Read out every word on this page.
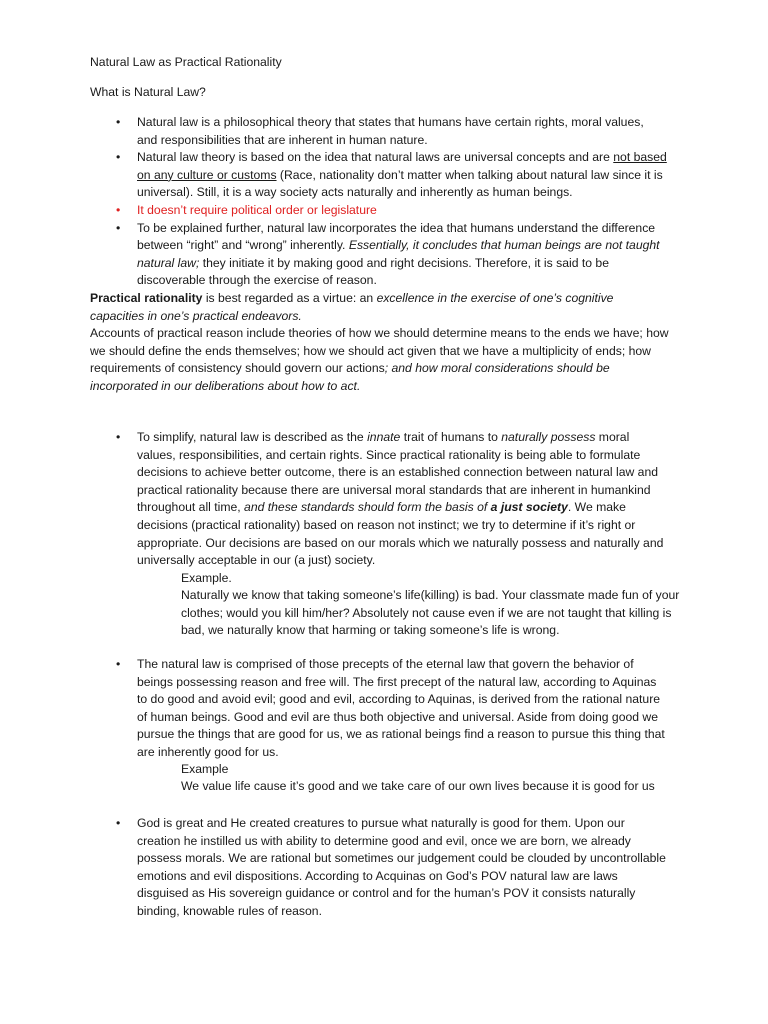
Natural Law as Practical Rationality
What is Natural Law?
• Natural law is a philosophical theory that states that humans have certain rights, moral values, and responsibilities that are inherent in human nature.
• Natural law theory is based on the idea that natural laws are universal concepts and are not based on any culture or customs (Race, nationality don’t matter when talking about natural law since it is universal). Still, it is a way society acts naturally and inherently as human beings.
• It doesn’t require political order or legislature
• To be explained further, natural law incorporates the idea that humans understand the difference between “right” and “wrong” inherently. Essentially, it concludes that human beings are not taught natural law; they initiate it by making good and right decisions. Therefore, it is said to be discoverable through the exercise of reason.

Practical rationality is best regarded as a virtue: an excellence in the exercise of one’s cognitive capacities in one’s practical endeavors.

Accounts of practical reason include theories of how we should determine means to the ends we have; how we should define the ends themselves; how we should act given that we have a multiplicity of ends; how requirements of consistency should govern our actions; and how moral considerations should be incorporated in our deliberations about how to act.

• To simplify, natural law is described as the innate trait of humans to naturally possess moral values, responsibilities, and certain rights. Since practical rationality is being able to formulate decisions to achieve better outcome, there is an established connection between natural law and practical rationality because there are universal moral standards that are inherent in humankind throughout all time, and these standards should form the basis of a just society. We make decisions (practical rationality) based on reason not instinct; we try to determine if it’s right or appropriate. Our decisions are based on our morals which we naturally possess and naturally and universally acceptable in our (a just) society.

Example.

Naturally we know that taking someone’s life(killing) is bad. Your classmate made fun of your clothes; would you kill him/her? Absolutely not cause even if we are not taught that killing is bad, we naturally know that harming or taking someone’s life is wrong.

• The natural law is comprised of those precepts of the eternal law that govern the behavior of beings possessing reason and free will. The first precept of the natural law, according to Aquinas to do good and avoid evil; good and evil, according to Aquinas, is derived from the rational nature of human beings. Good and evil are thus both objective and universal. Aside from doing good we pursue the things that are good for us, we as rational beings find a reason to pursue this thing that are inherently good for us.

Example

We value life cause it’s good and we take care of our own lives because it is good for us

• God is great and He created creatures to pursue what naturally is good for them. Upon our creation he instilled us with ability to determine good and evil, once we are born, we already possess morals. We are rational but sometimes our judgement could be clouded by uncontrollable emotions and evil dispositions. According to Acquinas on God’s POV natural law are laws disguised as His sovereign guidance or control and for the human’s POV it consists naturally binding, knowable rules of reason.
